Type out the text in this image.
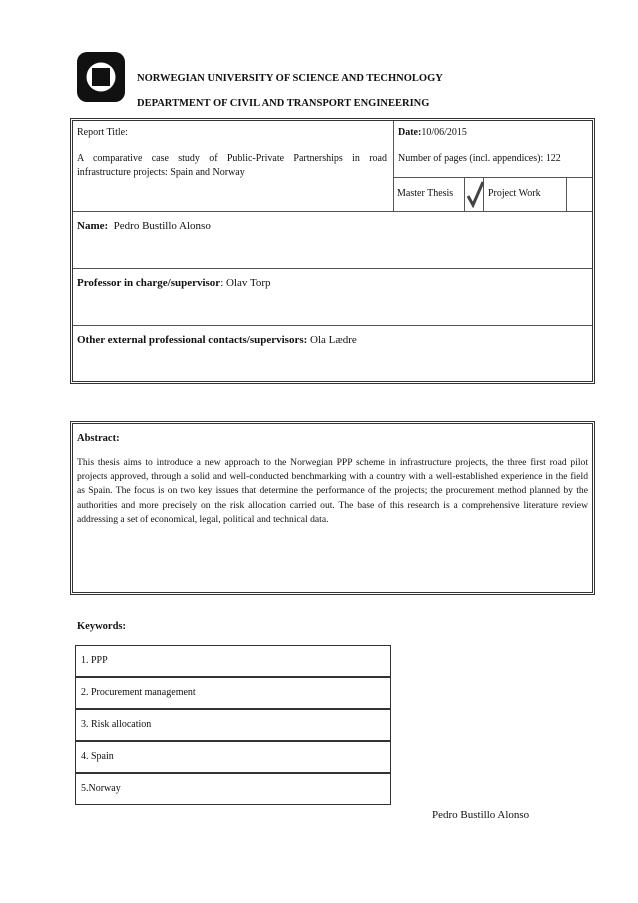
NORWEGIAN UNIVERSITY OF SCIENCE AND TECHNOLOGY
DEPARTMENT OF CIVIL AND TRANSPORT ENGINEERING
Report Title:
A comparative case study of Public-Private Partnerships in road infrastructure projects: Spain and Norway
Date:10/06/2015
Number of pages (incl. appendices): 122
Master Thesis	Project Work
Name: Pedro Bustillo Alonso
Professor in charge/supervisor: Olav Torp
Other external professional contacts/supervisors: Ola Lædre
Abstract:
This thesis aims to introduce a new approach to the Norwegian PPP scheme in infrastructure projects, the three first road pilot projects approved, through a solid and well-conducted benchmarking with a country with a well-established experience in the field as Spain. The focus is on two key issues that determine the performance of the projects; the procurement method planned by the authorities and more precisely on the risk allocation carried out. The base of this research is a comprehensive literature review addressing a set of economical, legal, political and technical data.
Keywords:
1. PPP
2. Procurement management
3. Risk allocation
4. Spain
5.Norway
Pedro Bustillo Alonso
